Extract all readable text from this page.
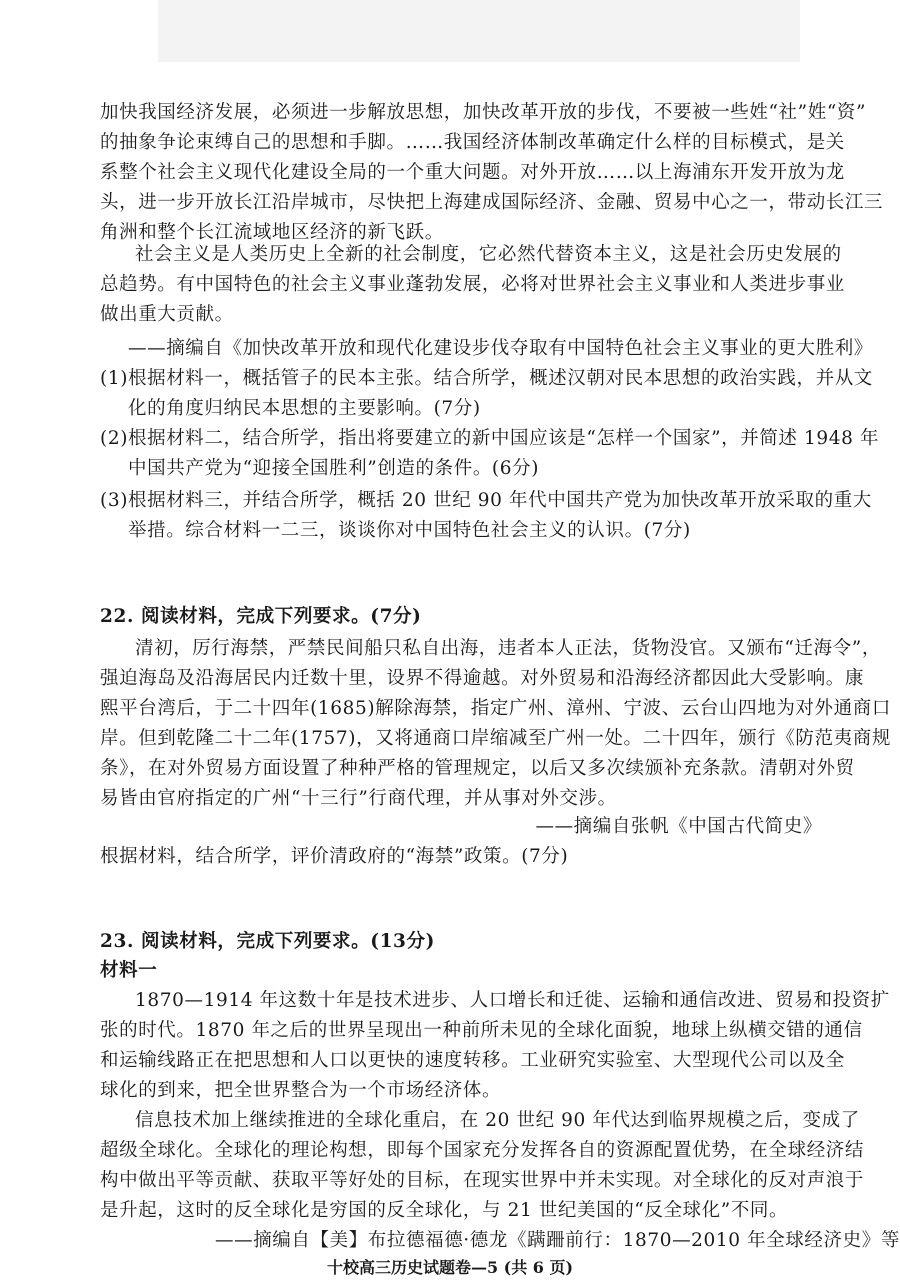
加快我国经济发展，必须进一步解放思想，加快改革开放的步伐，不要被一些姓“社”姓“资”
的抽象争论束缚自己的思想和手脚。……我国经济体制改革确定什么样的目标模式，是关
系整个社会主义现代化建设全局的一个重大问题。对外开放……以上海浦东开发开放为龙
头，进一步开放长江沿岸城市，尽快把上海建成国际经济、金融、贸易中心之一，带动长江三
角洲和整个长江流域地区经济的新飞跃。
社会主义是人类历史上全新的社会制度，它必然代替资本主义，这是社会历史发展的
总趋势。有中国特色的社会主义事业蓬勃发展，必将对世界社会主义事业和人类进步事业
做出重大贡献。
——摘编自《加快改革开放和现代化建设步伐夺取有中国特色社会主义事业的更大胜利》
(1)根据材料一，概括管子的民本主张。结合所学，概述汉朝对民本思想的政治实践，并从文
化的角度归纳民本思想的主要影响。(7分)
(2)根据材料二，结合所学，指出将要建立的新中国应该是“怎样一个国家”，并简述 1948 年
中国共产党为“迎接全国胜利”创造的条件。(6分)
(3)根据材料三，并结合所学，概括 20 世纪 90 年代中国共产党为加快改革开放采取的重大
举措。综合材料一二三，谈谈你对中国特色社会主义的认识。(7分)
22. 阅读材料，完成下列要求。(7分)
清初，厉行海禁，严禁民间船只私自出海，违者本人正法，货物没官。又颁布“迁海令”，
强迫海岛及沿海居民内迁数十里，设界不得逾越。对外贸易和沿海经济都因此大受影响。康
熙平台湾后，于二十四年(1685)解除海禁，指定广州、漳州、宁波、云台山四地为对外通商口
岸。但到乾隆二十二年(1757)，又将通商口岸缩减至广州一处。二十四年，颁行《防范夷商规
条》，在对外贸易方面设置了种种严格的管理规定，以后又多次续颁补充条款。清朝对外贸
易皆由官府指定的广州“十三行”行商代理，并从事对外交涉。
——摘编自张帆《中国古代简史》
根据材料，结合所学，评价清政府的“海禁”政策。(7分)
23. 阅读材料，完成下列要求。(13分)
材料一
1870—1914 年这数十年是技术进步、人口增长和迁徙、运输和通信改进、贸易和投资扩
张的时代。1870 年之后的世界呈现出一种前所未见的全球化面貌，地球上纵横交错的通信
和运输线路正在把思想和人口以更快的速度转移。工业研究实验室、大型现代公司以及全
球化的到来，把全世界整合为一个市场经济体。
信息技术加上继续推进的全球化重启，在 20 世纪 90 年代达到临界规模之后，变成了
超级全球化。全球化的理论构想，即每个国家充分发挥各自的资源配置优势，在全球经济结
构中做出平等贡献、获取平等好处的目标，在现实世界中并未实现。对全球化的反对声浪于
是升起，这时的反全球化是穷国的反全球化，与 21 世纪美国的“反全球化”不同。
——摘编自【美】布拉德福德·德龙《蹒跚前行：1870—2010 年全球经济史》等
十校高三历史试题卷—5 (共 6 页)
